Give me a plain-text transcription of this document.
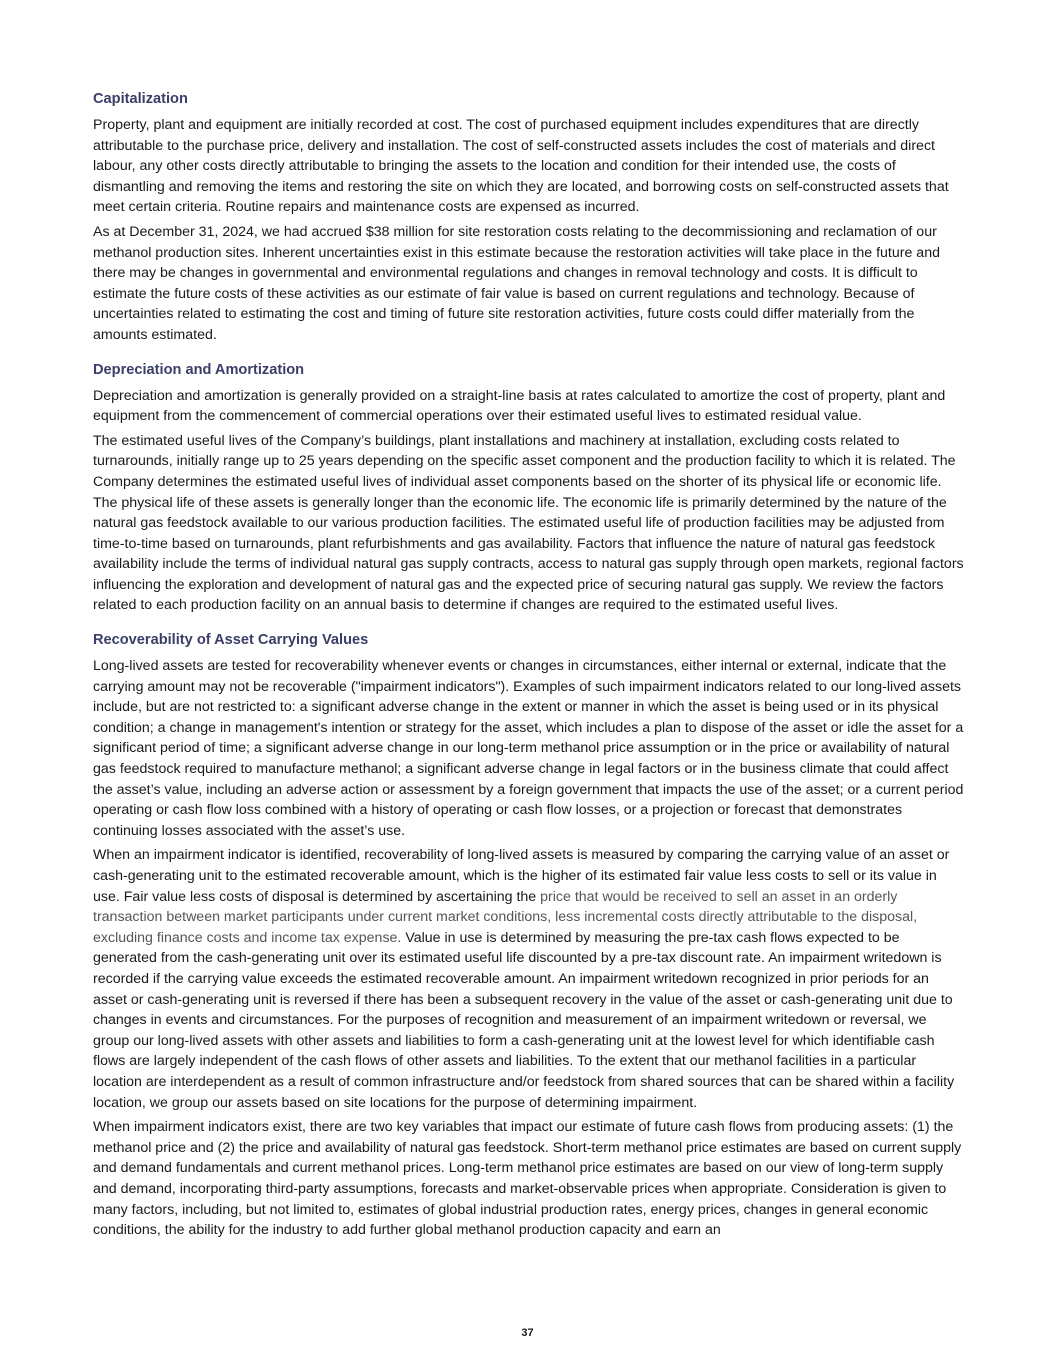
Capitalization

Property, plant and equipment are initially recorded at cost. The cost of purchased equipment includes expenditures that are directly attributable to the purchase price, delivery and installation. The cost of self-constructed assets includes the cost of materials and direct labour, any other costs directly attributable to bringing the assets to the location and condition for their intended use, the costs of dismantling and removing the items and restoring the site on which they are located, and borrowing costs on self-constructed assets that meet certain criteria. Routine repairs and maintenance costs are expensed as incurred.

As at December 31, 2024, we had accrued $38 million for site restoration costs relating to the decommissioning and reclamation of our methanol production sites. Inherent uncertainties exist in this estimate because the restoration activities will take place in the future and there may be changes in governmental and environmental regulations and changes in removal technology and costs. It is difficult to estimate the future costs of these activities as our estimate of fair value is based on current regulations and technology. Because of uncertainties related to estimating the cost and timing of future site restoration activities, future costs could differ materially from the amounts estimated.

Depreciation and Amortization

Depreciation and amortization is generally provided on a straight-line basis at rates calculated to amortize the cost of property, plant and equipment from the commencement of commercial operations over their estimated useful lives to estimated residual value.

The estimated useful lives of the Company’s buildings, plant installations and machinery at installation, excluding costs related to turnarounds, initially range up to 25 years depending on the specific asset component and the production facility to which it is related. The Company determines the estimated useful lives of individual asset components based on the shorter of its physical life or economic life. The physical life of these assets is generally longer than the economic life. The economic life is primarily determined by the nature of the natural gas feedstock available to our various production facilities. The estimated useful life of production facilities may be adjusted from time-to-time based on turnarounds, plant refurbishments and gas availability. Factors that influence the nature of natural gas feedstock availability include the terms of individual natural gas supply contracts, access to natural gas supply through open markets, regional factors influencing the exploration and development of natural gas and the expected price of securing natural gas supply. We review the factors related to each production facility on an annual basis to determine if changes are required to the estimated useful lives.

Recoverability of Asset Carrying Values

Long-lived assets are tested for recoverability whenever events or changes in circumstances, either internal or external, indicate that the carrying amount may not be recoverable ("impairment indicators"). Examples of such impairment indicators related to our long-lived assets include, but are not restricted to: a significant adverse change in the extent or manner in which the asset is being used or in its physical condition; a change in management's intention or strategy for the asset, which includes a plan to dispose of the asset or idle the asset for a significant period of time; a significant adverse change in our long-term methanol price assumption or in the price or availability of natural gas feedstock required to manufacture methanol; a significant adverse change in legal factors or in the business climate that could affect the asset’s value, including an adverse action or assessment by a foreign government that impacts the use of the asset; or a current period operating or cash flow loss combined with a history of operating or cash flow losses, or a projection or forecast that demonstrates continuing losses associated with the asset’s use.

When an impairment indicator is identified, recoverability of long-lived assets is measured by comparing the carrying value of an asset or cash-generating unit to the estimated recoverable amount, which is the higher of its estimated fair value less costs to sell or its value in use. Fair value less costs of disposal is determined by ascertaining the price that would be received to sell an asset in an orderly transaction between market participants under current market conditions, less incremental costs directly attributable to the disposal, excluding finance costs and income tax expense. Value in use is determined by measuring the pre-tax cash flows expected to be generated from the cash-generating unit over its estimated useful life discounted by a pre-tax discount rate. An impairment writedown is recorded if the carrying value exceeds the estimated recoverable amount. An impairment writedown recognized in prior periods for an asset or cash-generating unit is reversed if there has been a subsequent recovery in the value of the asset or cash-generating unit due to changes in events and circumstances. For the purposes of recognition and measurement of an impairment writedown or reversal, we group our long-lived assets with other assets and liabilities to form a cash-generating unit at the lowest level for which identifiable cash flows are largely independent of the cash flows of other assets and liabilities. To the extent that our methanol facilities in a particular location are interdependent as a result of common infrastructure and/or feedstock from shared sources that can be shared within a facility location, we group our assets based on site locations for the purpose of determining impairment.

When impairment indicators exist, there are two key variables that impact our estimate of future cash flows from producing assets: (1) the methanol price and (2) the price and availability of natural gas feedstock. Short-term methanol price estimates are based on current supply and demand fundamentals and current methanol prices. Long-term methanol price estimates are based on our view of long-term supply and demand, incorporating third-party assumptions, forecasts and market-observable prices when appropriate. Consideration is given to many factors, including, but not limited to, estimates of global industrial production rates, energy prices, changes in general economic conditions, the ability for the industry to add further global methanol production capacity and earn an

37
